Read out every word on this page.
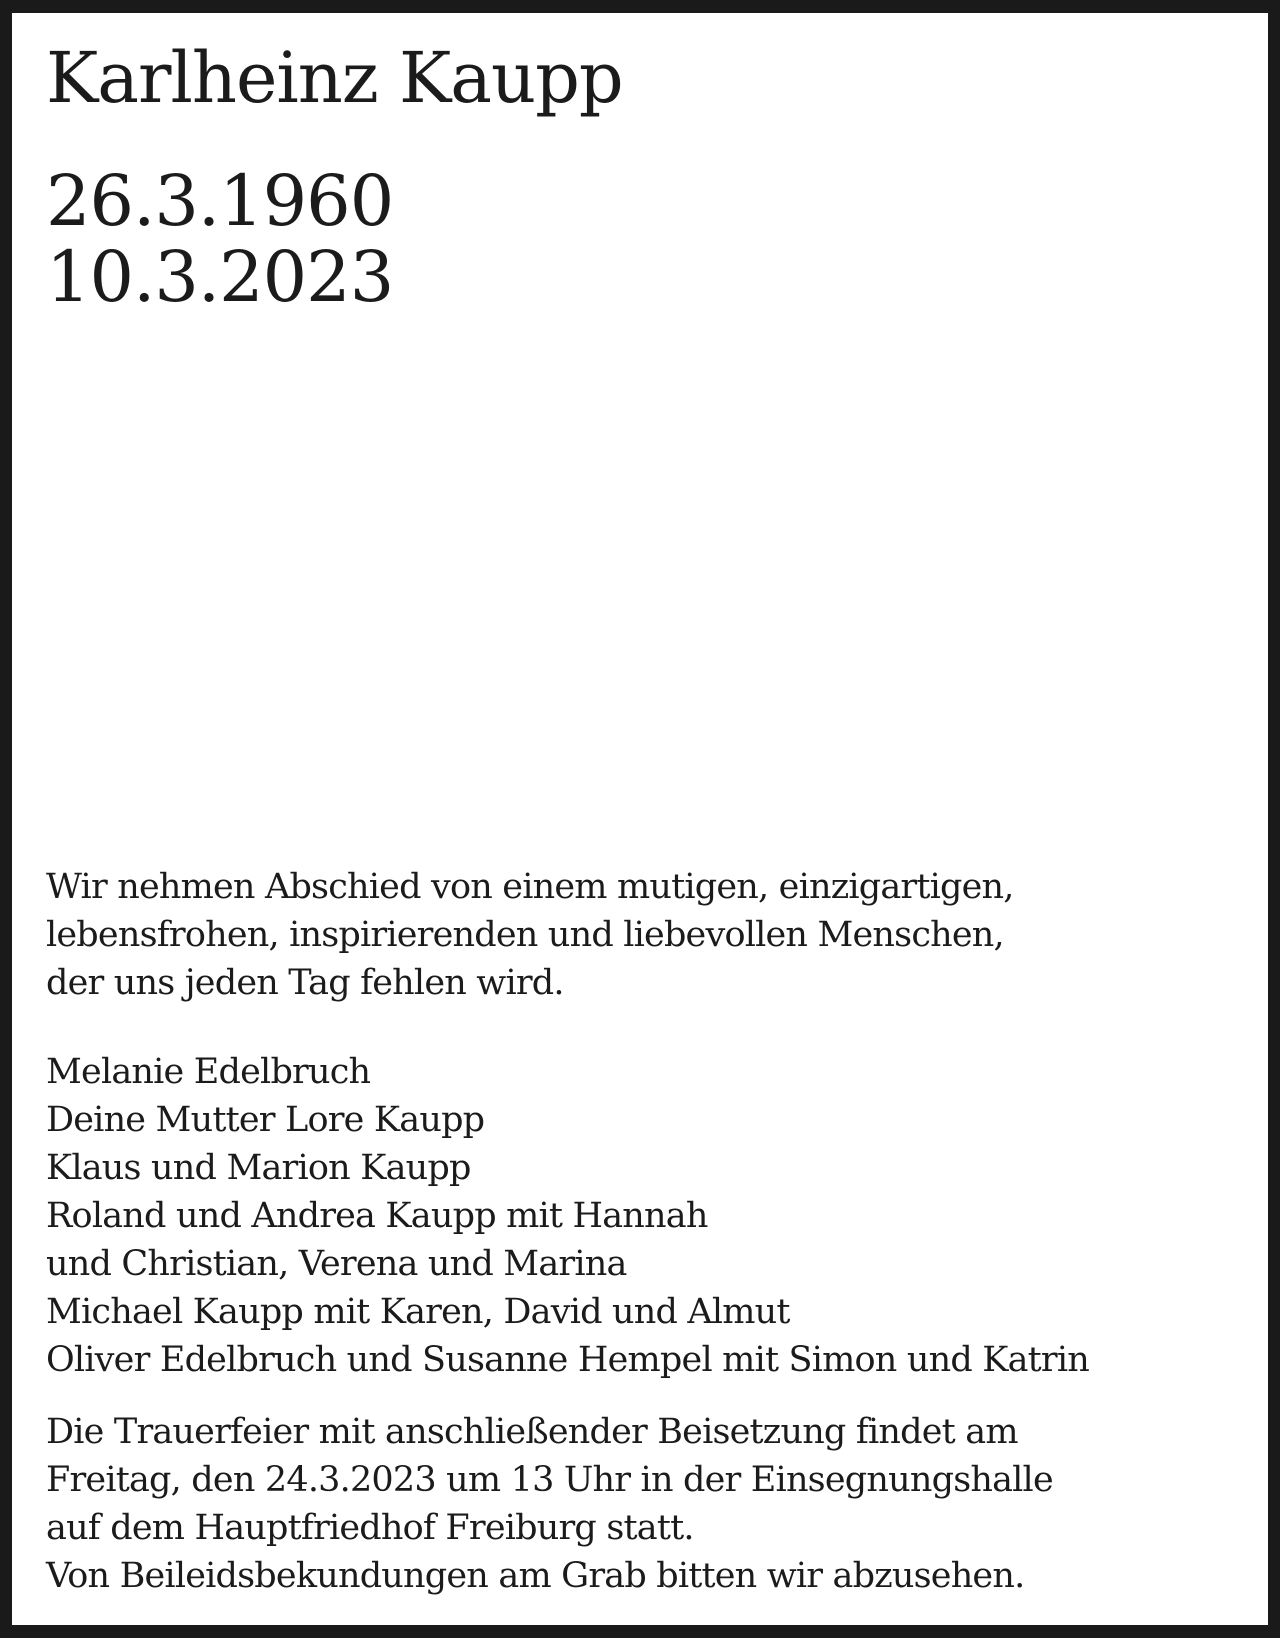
Karlheinz Kaupp
26.3.1960
10.3.2023
Wir nehmen Abschied von einem mutigen, einzigartigen,
lebensfrohen, inspirierenden und liebevollen Menschen,
der uns jeden Tag fehlen wird.
Melanie Edelbruch
Deine Mutter Lore Kaupp
Klaus und Marion Kaupp
Roland und Andrea Kaupp mit Hannah
und Christian, Verena und Marina
Michael Kaupp mit Karen, David und Almut
Oliver Edelbruch und Susanne Hempel mit Simon und Katrin
Die Trauerfeier mit anschließender Beisetzung findet am
Freitag, den 24.3.2023 um 13 Uhr in der Einsegnungshalle
auf dem Hauptfriedhof Freiburg statt.
Von Beileidsbekundungen am Grab bitten wir abzusehen.
